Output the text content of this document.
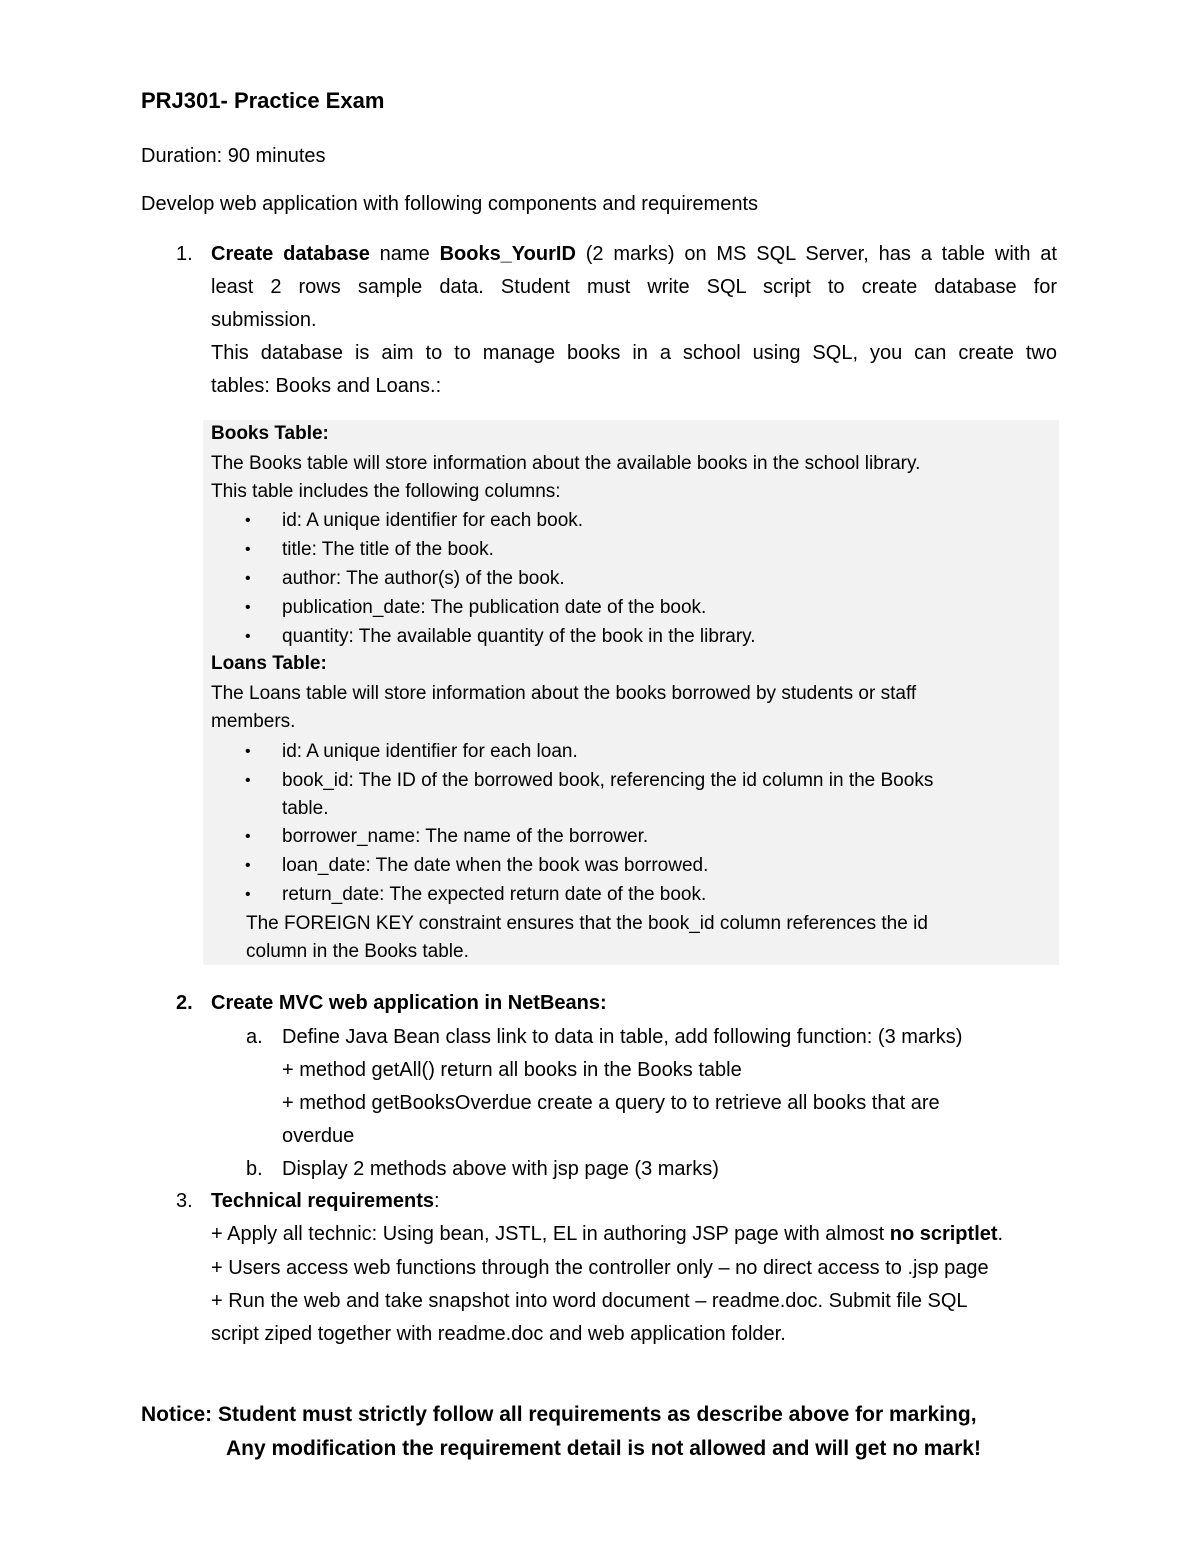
PRJ301- Practice Exam
Duration: 90 minutes
Develop web application with following components and requirements
1. Create database name Books_YourID (2 marks) on MS SQL Server, has a table with at
least 2 rows sample data. Student must write SQL script to create database for
submission.
This database is aim to to manage books in a school using SQL, you can create two
tables: Books and Loans.:
Books Table:
The Books table will store information about the available books in the school library.
This table includes the following columns:
• id: A unique identifier for each book.
• title: The title of the book.
• author: The author(s) of the book.
• publication_date: The publication date of the book.
• quantity: The available quantity of the book in the library.
Loans Table:
The Loans table will store information about the books borrowed by students or staff
members.
• id: A unique identifier for each loan.
• book_id: The ID of the borrowed book, referencing the id column in the Books
table.
• borrower_name: The name of the borrower.
• loan_date: The date when the book was borrowed.
• return_date: The expected return date of the book.
The FOREIGN KEY constraint ensures that the book_id column references the id
column in the Books table.
2. Create MVC web application in NetBeans:
a. Define Java Bean class link to data in table, add following function: (3 marks)
+ method getAll() return all books in the Books table
+ method getBooksOverdue create a query to to retrieve all books that are
overdue
b. Display 2 methods above with jsp page (3 marks)
3. Technical requirements:
+ Apply all technic: Using bean, JSTL, EL in authoring JSP page with almost no scriptlet.
+ Users access web functions through the controller only – no direct access to .jsp page
+ Run the web and take snapshot into word document – readme.doc. Submit file SQL
script ziped together with readme.doc and web application folder.
Notice: Student must strictly follow all requirements as describe above for marking,
Any modification the requirement detail is not allowed and will get no mark!
